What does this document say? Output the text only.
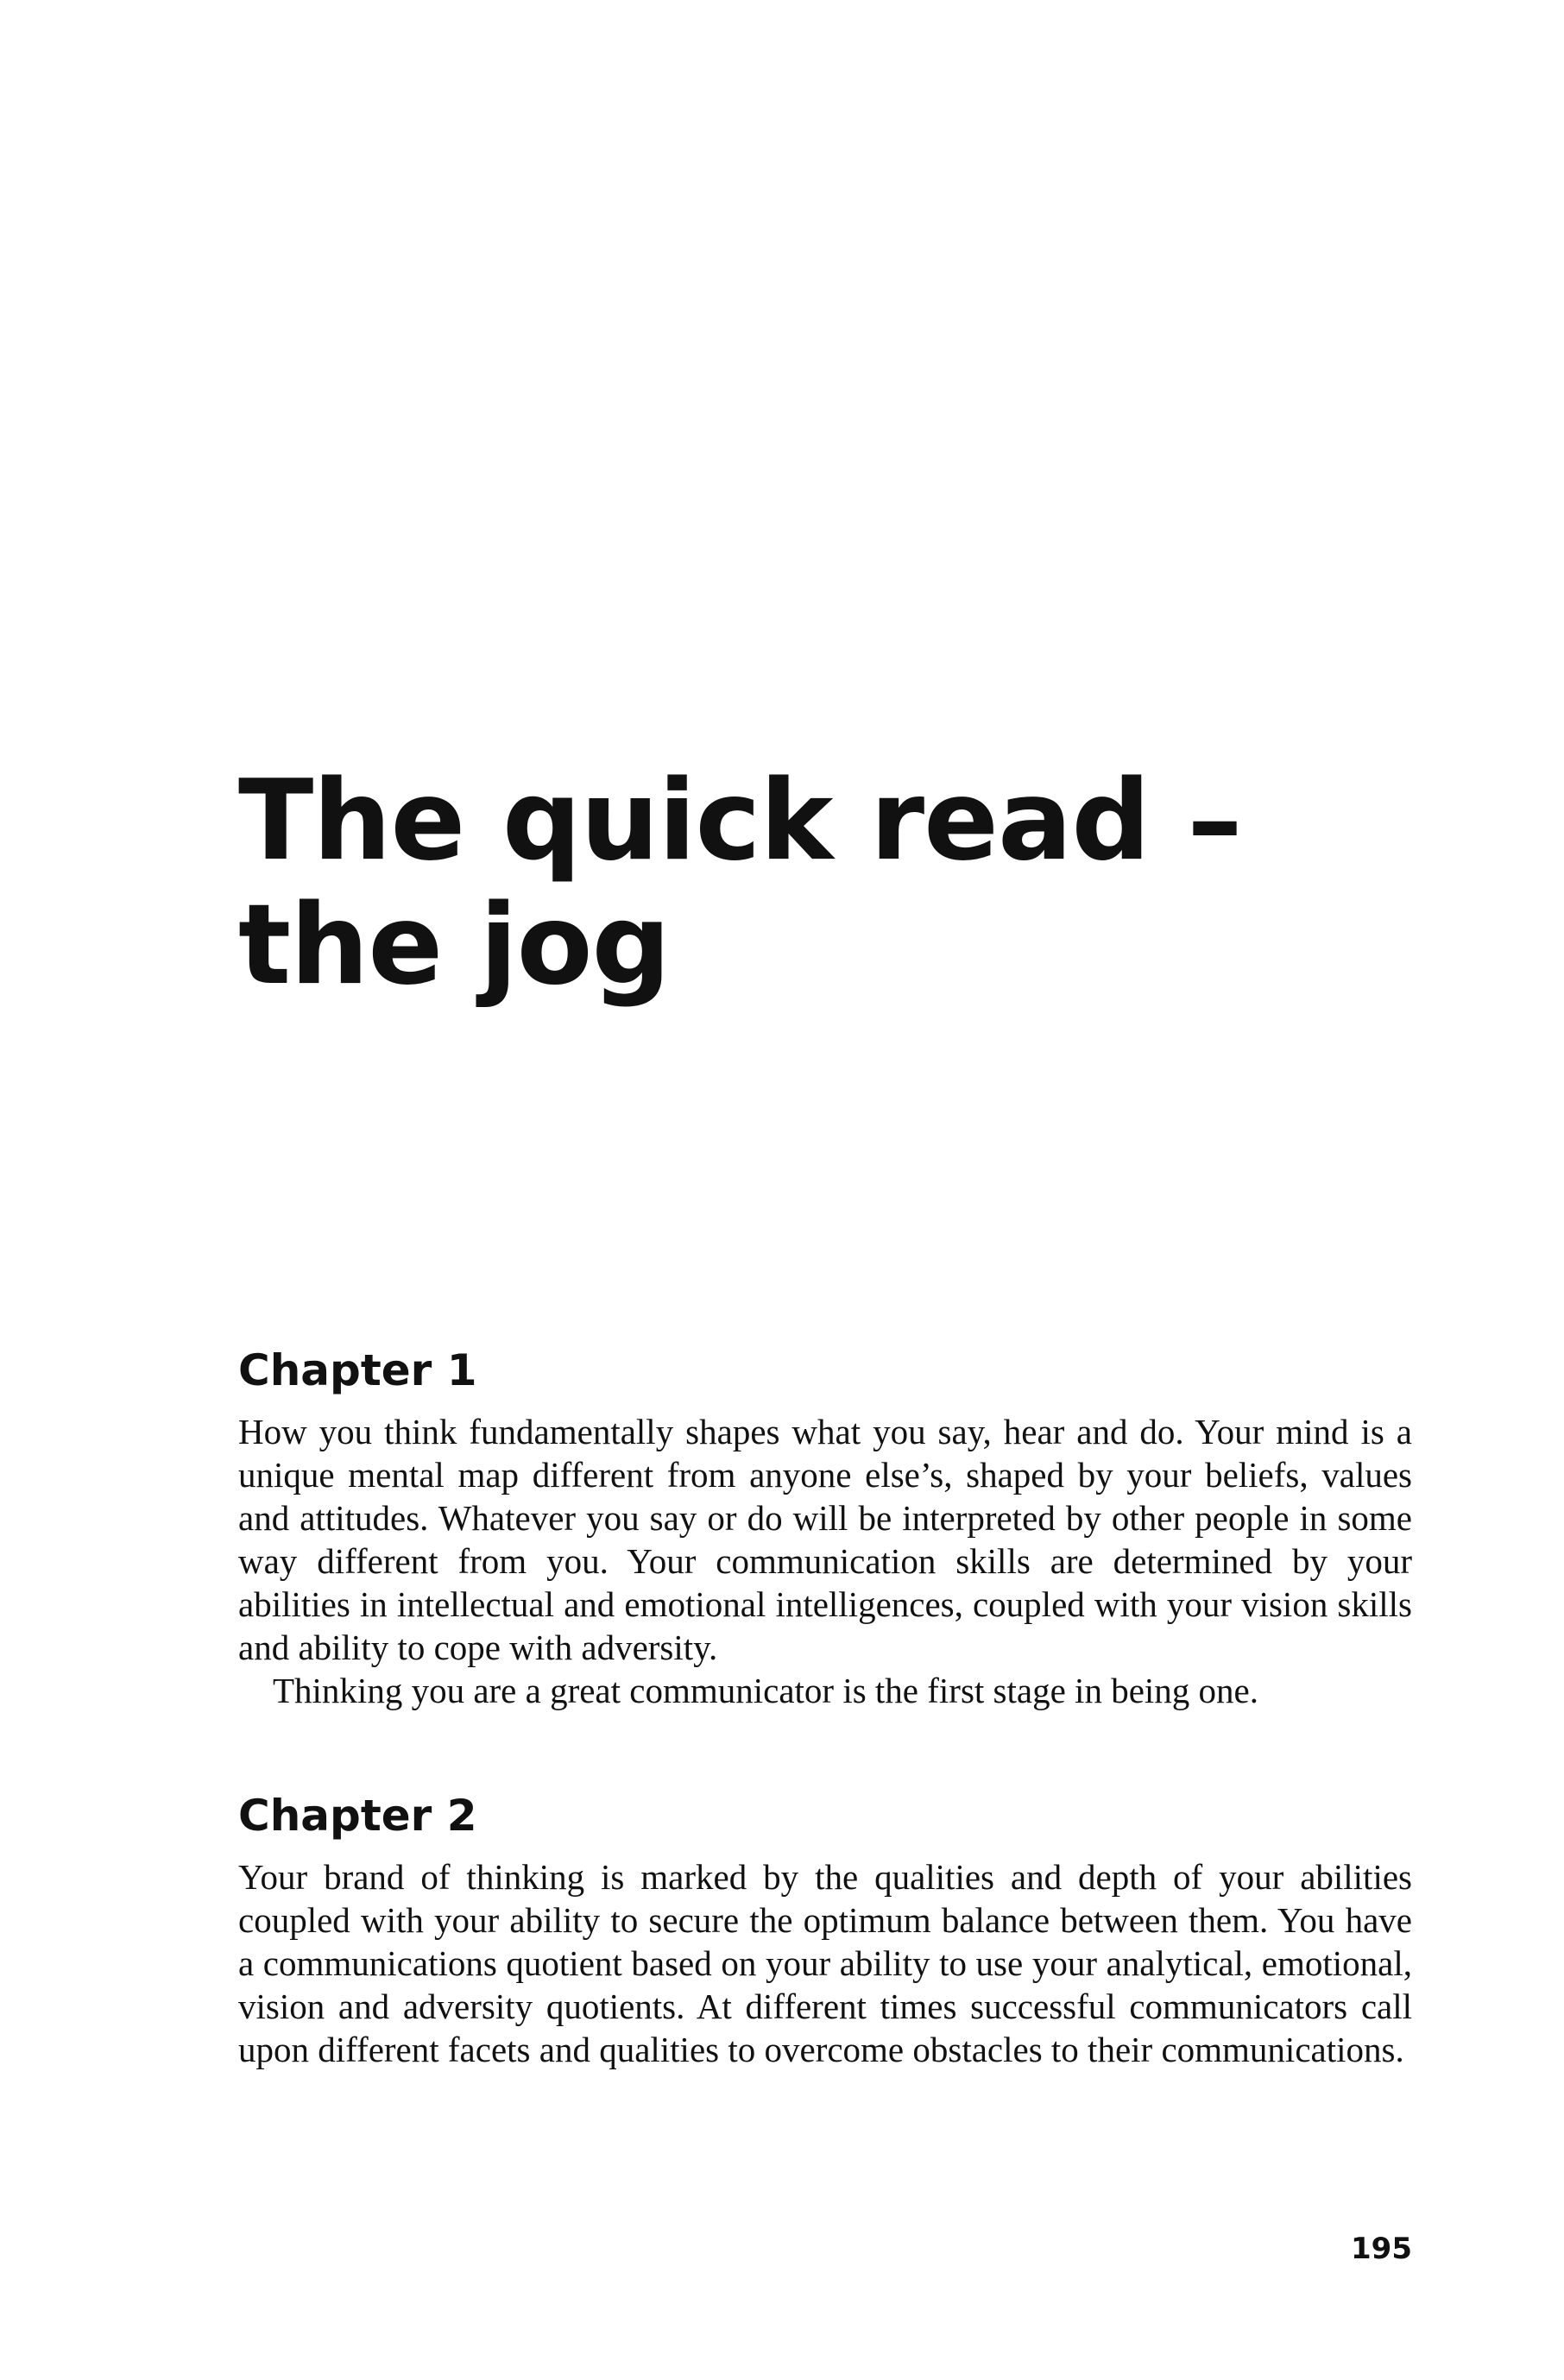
The quick read –
the jog
Chapter 1

How you think fundamentally shapes what you say, hear and do. Your mind is a unique mental map different from anyone else’s, shaped by your beliefs, values and attitudes. Whatever you say or do will be interpreted by other people in some way different from you. Your communication skills are determined by your abilities in intellectual and emotional intelligences, coupled with your vision skills and ability to cope with adversity.

Thinking you are a great communicator is the first stage in being one.

Chapter 2

Your brand of thinking is marked by the qualities and depth of your abilities coupled with your ability to secure the optimum balance between them. You have a communications quotient based on your ability to use your analytical, emotional, vision and adversity quotients. At different times successful communicators call upon different facets and qualities to overcome obstacles to their communications.

195
